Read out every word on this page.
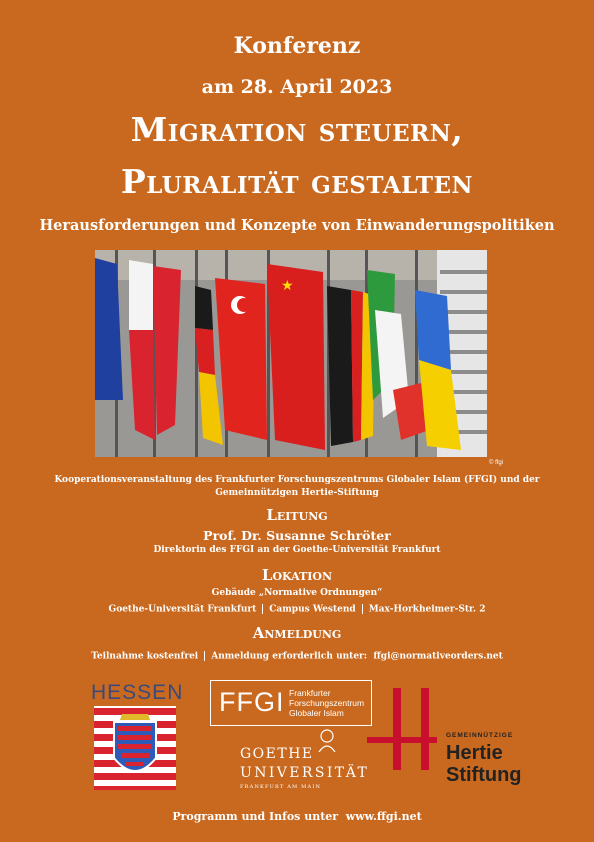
Konferenz
am 28. April 2023
Migration steuern,
Pluralität gestalten
Herausforderungen und Konzepte von Einwanderungspolitiken
★
© ffgi
Kooperationsveranstaltung des Frankfurter Forschungszentrums Globaler Islam (FFGI) und der
Gemeinnützigen Hertie-Stiftung
Leitung
Prof. Dr. Susanne Schröter
Direktorin des FFGI an der Goethe-Universität Frankfurt
Lokation
Gebäude „Normative Ordnungen“
Goethe-Universität Frankfurt Campus Westend Max-Horkheimer-Str. 2
Anmeldung
Teilnahme kostenfrei Anmeldung erforderlich unter: ffgi@normativeorders.net
HESSEN FFGI Frankfurter
Forschungszentrum
Globaler Islam
GOETHE
UNIVERSITÄT
FRANKFURT AM MAIN
GEMEINNÜTZIGE
Hertie
Stiftung
Programm und Infos unter  www.ffgi.net
